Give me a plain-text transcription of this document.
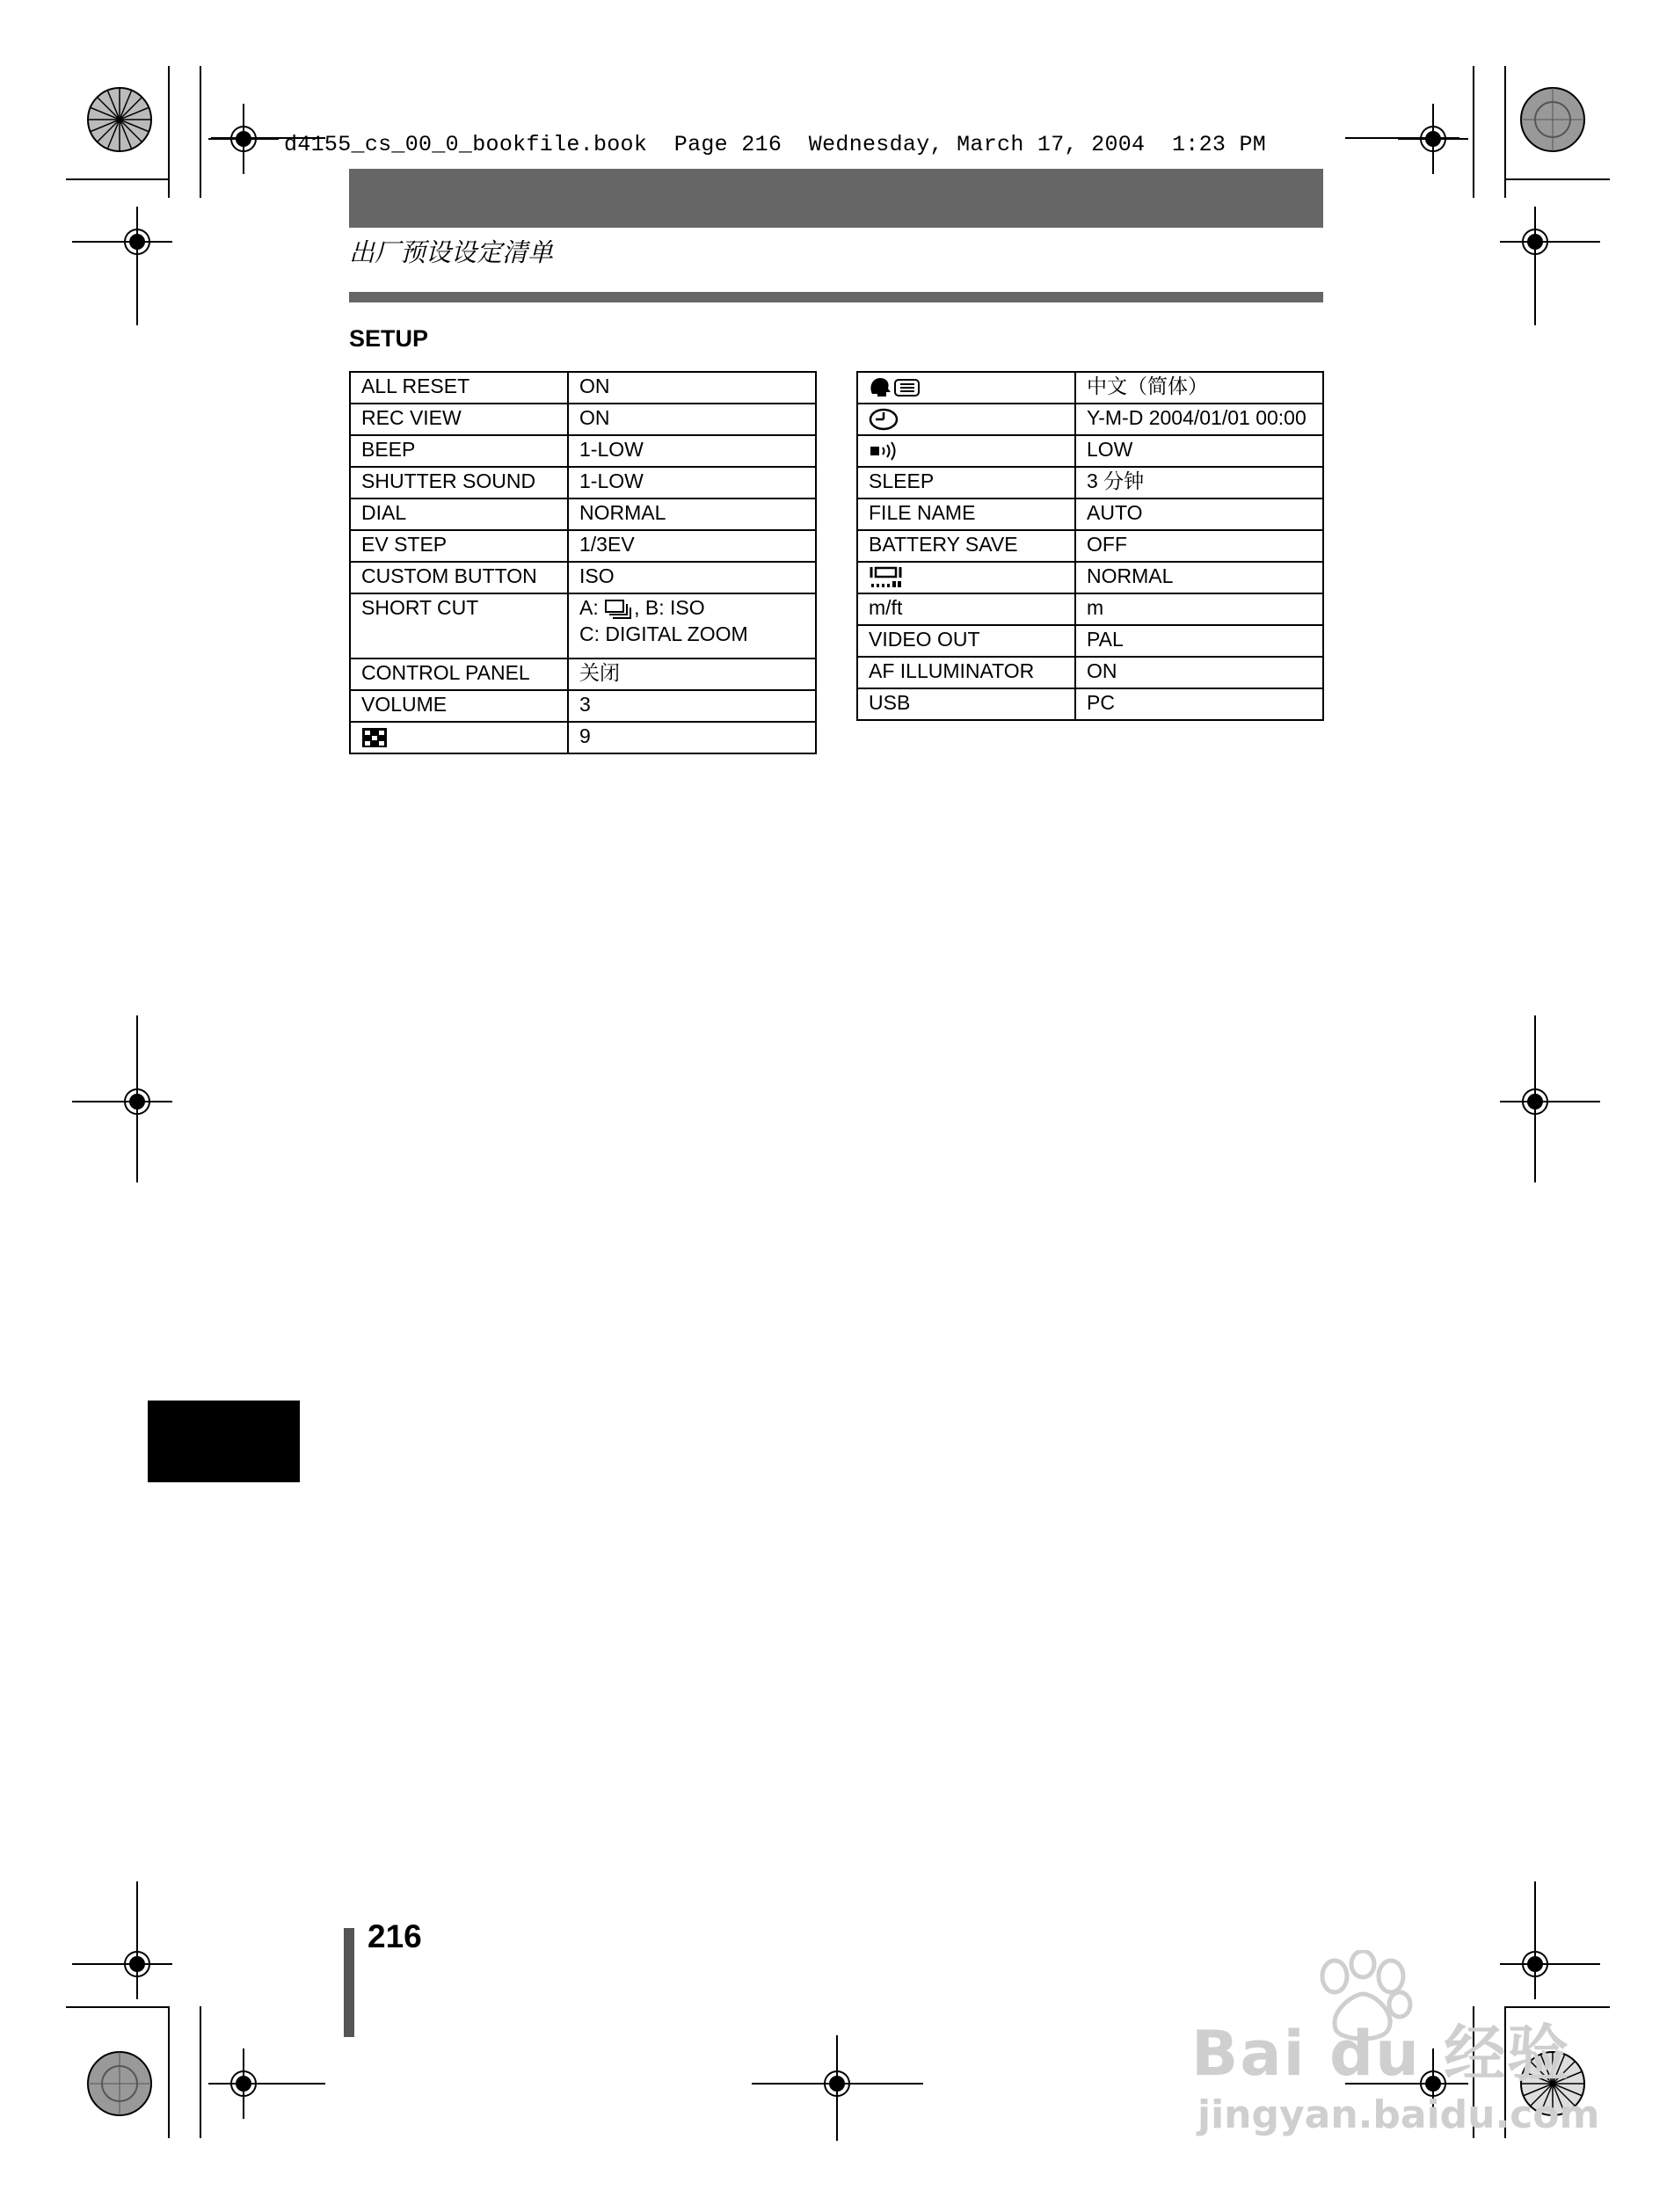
d4155_cs_00_0_bookfile.book  Page 216  Wednesday, March 17, 2004  1:23 PM
出厂预设设定清单
SETUP
ALL RESET	ON
REC VIEW	ON
BEEP	1-LOW
SHUTTER SOUND	1-LOW
DIAL	NORMAL
EV STEP	1/3EV
CUSTOM BUTTON	ISO
SHORT CUT	A: , B: ISO
C: DIGITAL ZOOM
CONTROL PANEL	关闭
VOLUME	3
	9
	中文（简体）
	Y-M-D 2004/01/01 00:00
	LOW
SLEEP	3 分钟
FILE NAME	AUTO
BATTERY SAVE	OFF
	NORMAL
m/ft	m
VIDEO OUT	PAL
AF ILLUMINATOR	ON
USB	PC
216
Bai du 经验
jingyan.baidu.com
